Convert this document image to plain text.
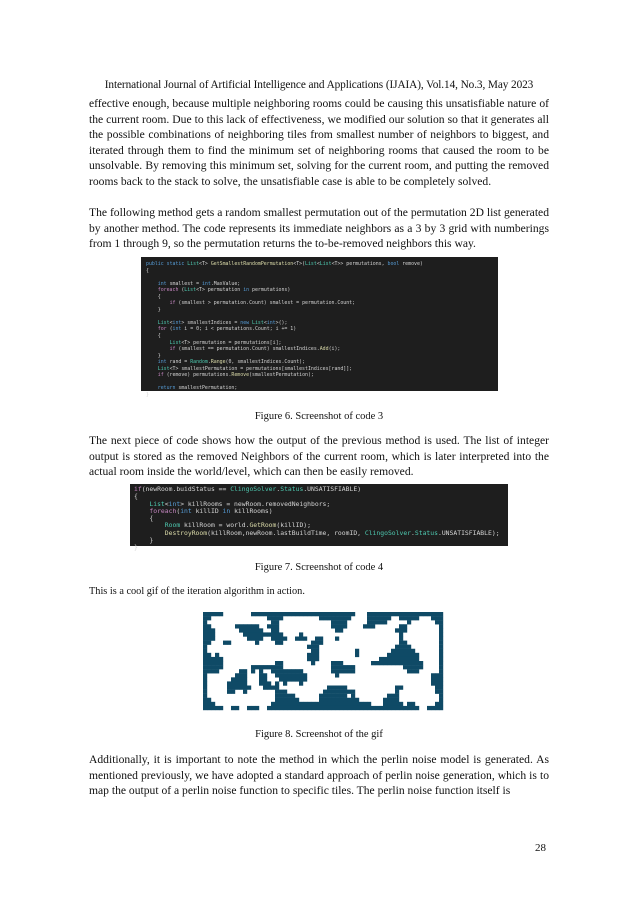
International Journal of Artificial Intelligence and Applications (IJAIA), Vol.14, No.3, May 2023

effective enough, because multiple neighboring rooms could be causing this unsatisfiable nature of the current room. Due to this lack of effectiveness, we modified our solution so that it generates all the possible combinations of neighboring tiles from smallest number of neighbors to biggest, and iterated through them to find the minimum set of neighboring rooms that caused the room to be unsolvable. By removing this minimum set, solving for the current room, and putting the removed rooms back to the stack to solve, the unsatisfiable case is able to be completely solved.

The following method gets a random smallest permutation out of the permutation 2D list generated by another method. The code represents its immediate neighbors as a 3 by 3 grid with numberings from 1 through 9, so the permutation returns the to-be-removed neighbors this way.

public static List<T> GetSmallestRandomPermutation<T>(List<List<T>> permutations, bool remove)
{

int smallest = int.MaxValue;
foreach (List<T> permutation in permutations)
{
if (smallest > permutation.Count) smallest = permutation.Count;
}

List<int> smallestIndices = new List<int>();
for (int i = 0; i < permutations.Count; i += 1)
{
List<T> permutation = permutations[i];
if (smallest == permutation.Count) smallestIndices.Add(i);
}
int rand = Random.Range(0, smallestIndices.Count);
List<T> smallestPermutation = permutations[smallestIndices[rand]];
if (remove) permutations.Remove(smallestPermutation);

return smallestPermutation;
}
Figure 6. Screenshot of code 3

The next piece of code shows how the output of the previous method is used. The list of integer output is stored as the removed Neighbors of the current room, which is later interpreted into the actual room inside the world/level, which can then be easily removed.

if(newRoom.buidStatus == ClingoSolver.Status.UNSATISFIABLE)
{
List<int> killRooms = newRoom.removedNeighbors;
foreach(int killID in killRooms)
{
Room killRoom = world.GetRoom(killID);
DestroyRoom(killRoom,newRoom.lastBuildTime, roomID, ClingoSolver.Status.UNSATISFIABLE);
}
}
Figure 7. Screenshot of code 4
This is a cool gif of the iteration algorithm in action.
Figure 8. Screenshot of the gif

Additionally, it is important to note the method in which the perlin noise model is generated. As mentioned previously, we have adopted a standard approach of perlin noise generation, which is to map the output of a perlin noise function to specific tiles. The perlin noise function itself is

28
